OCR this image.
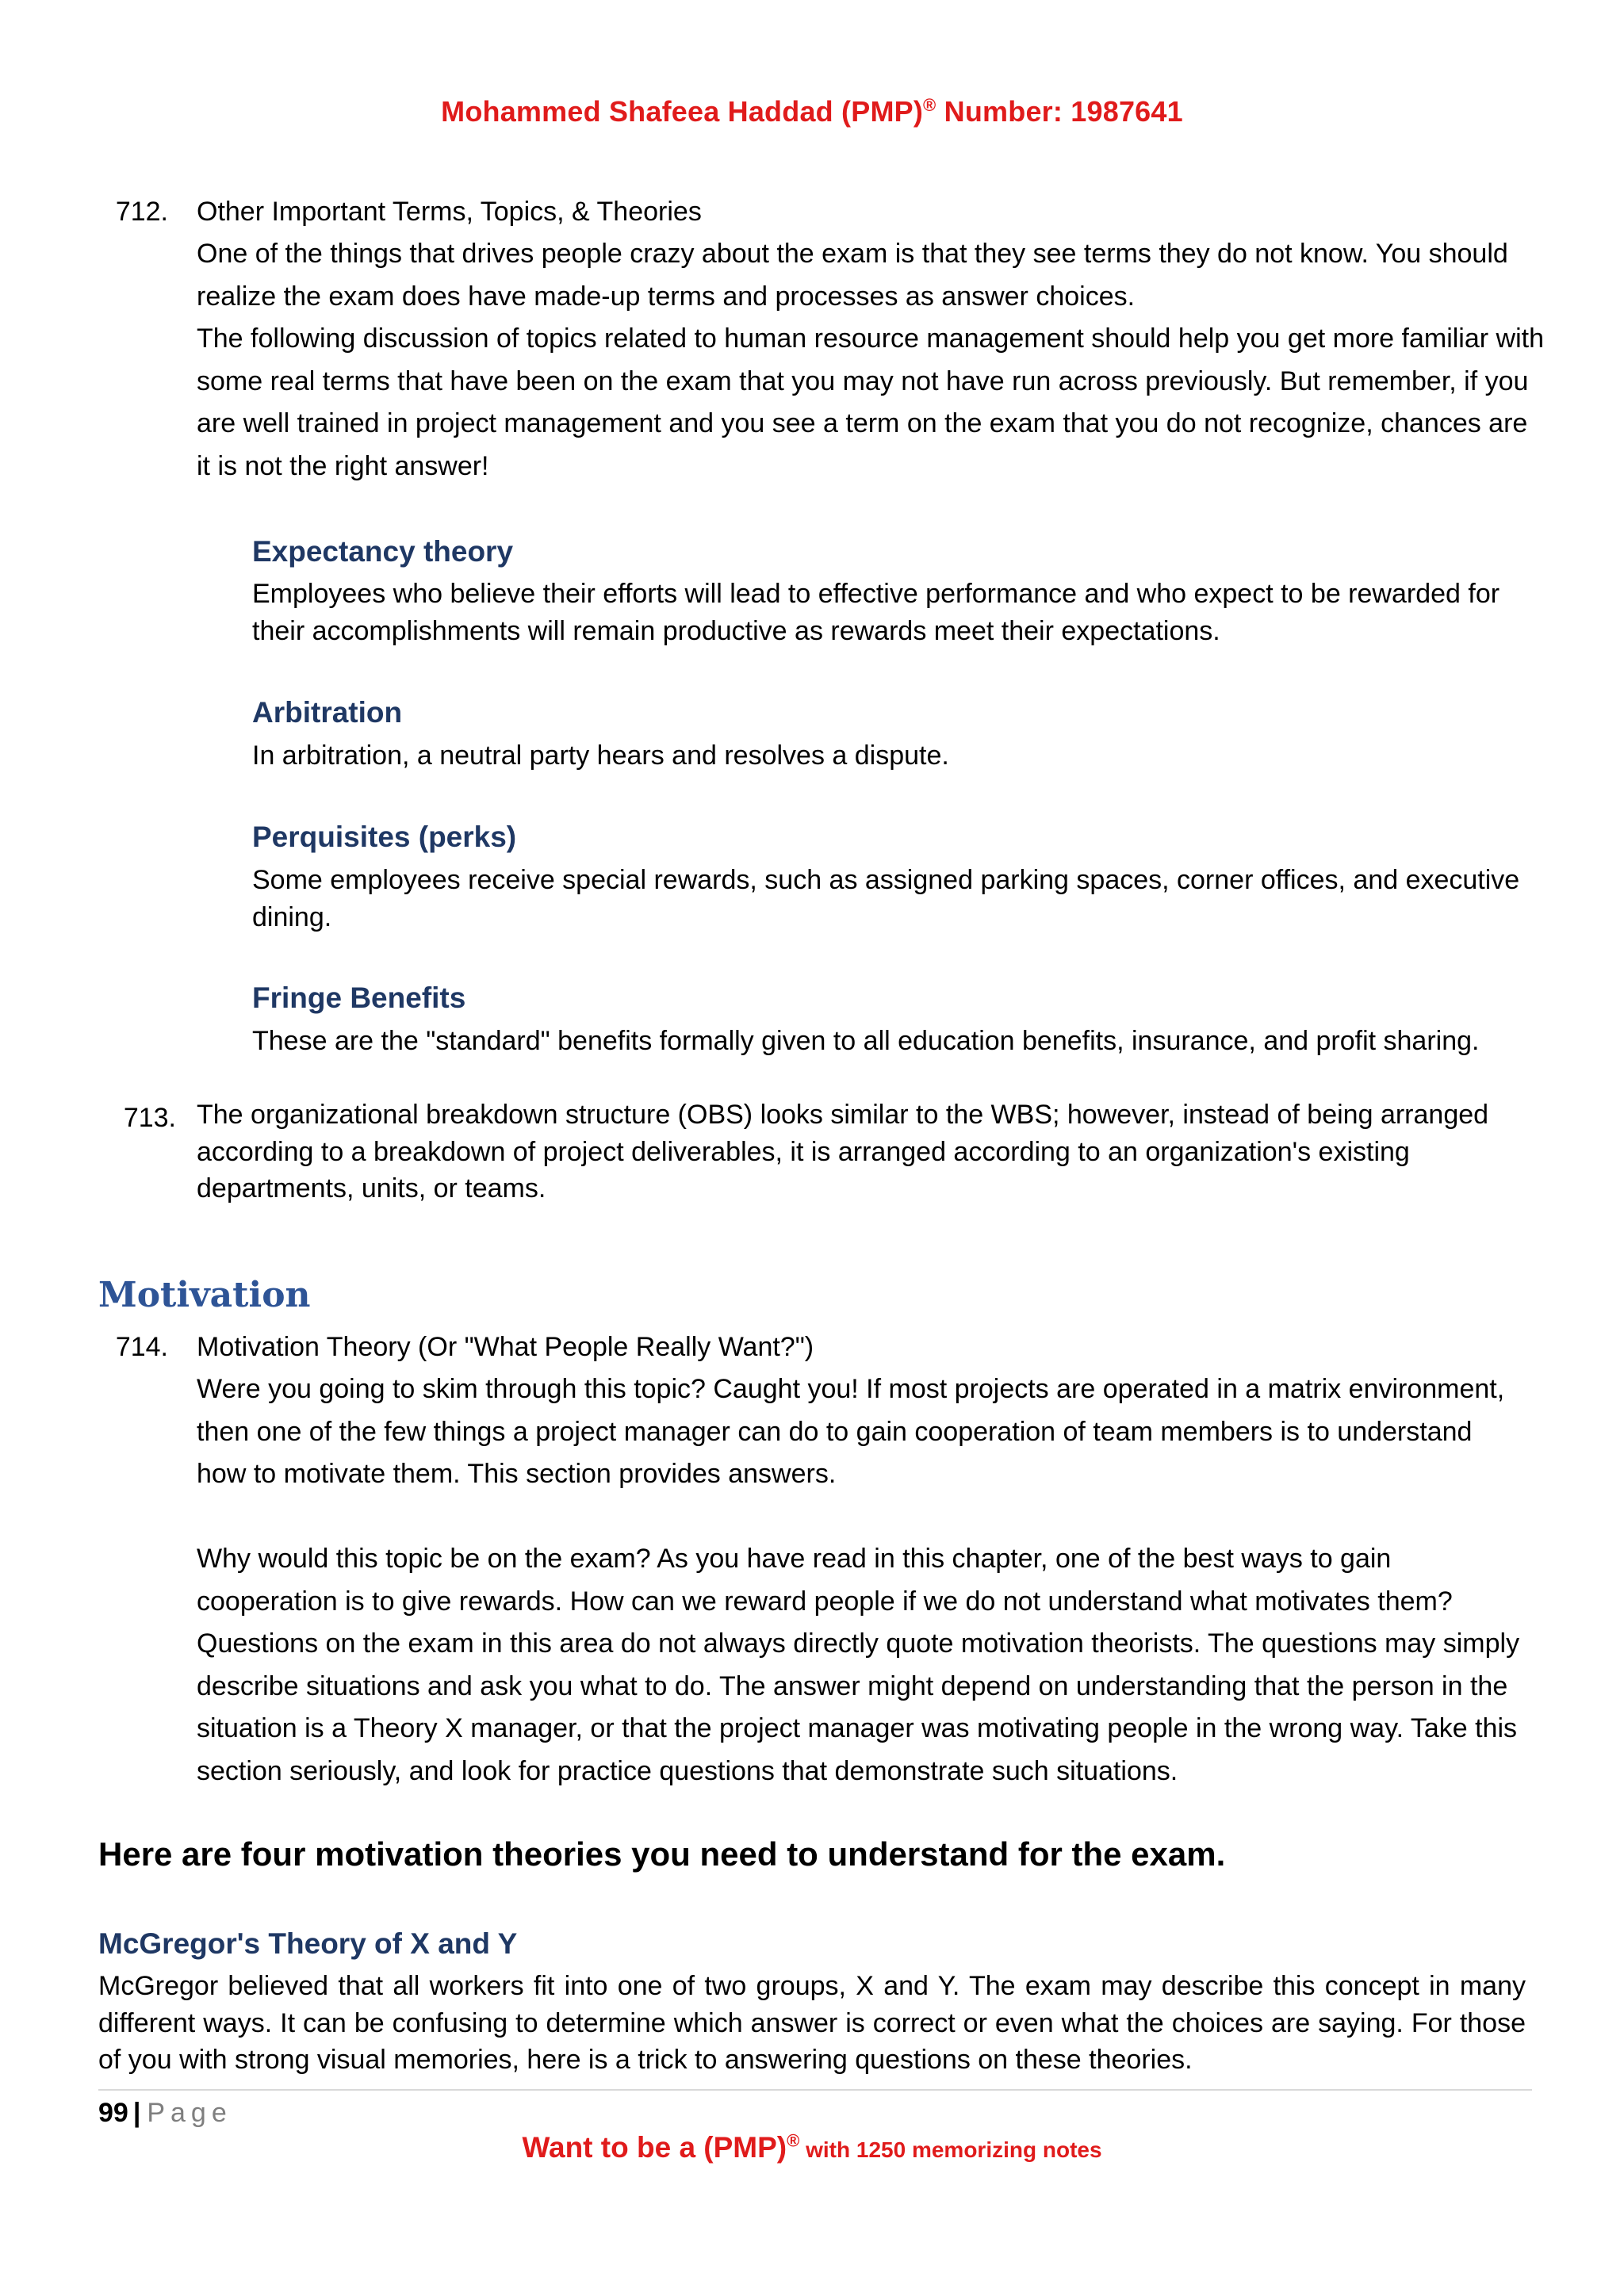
Mohammed Shafeea Haddad (PMP)® Number: 1987641
712. Other Important Terms, Topics, & Theories
One of the things that drives people crazy about the exam is that they see terms they do not know. You should realize the exam does have made-up terms and processes as answer choices.
The following discussion of topics related to human resource management should help you get more familiar with some real terms that have been on the exam that you may not have run across previously. But remember, if you are well trained in project management and you see a term on the exam that you do not recognize, chances are it is not the right answer!
Expectancy theory
Employees who believe their efforts will lead to effective performance and who expect to be rewarded for their accomplishments will remain productive as rewards meet their expectations.
Arbitration
In arbitration, a neutral party hears and resolves a dispute.
Perquisites (perks)
Some employees receive special rewards, such as assigned parking spaces, corner offices, and executive dining.
Fringe Benefits
These are the "standard" benefits formally given to all education benefits, insurance, and profit sharing.
713. The organizational breakdown structure (OBS) looks similar to the WBS; however, instead of being arranged according to a breakdown of project deliverables, it is arranged according to an organization's existing departments, units, or teams.
Motivation
714. Motivation Theory (Or "What People Really Want?")
Were you going to skim through this topic? Caught you! If most projects are operated in a matrix environment, then one of the few things a project manager can do to gain cooperation of team members is to understand how to motivate them. This section provides answers.
Why would this topic be on the exam? As you have read in this chapter, one of the best ways to gain cooperation is to give rewards. How can we reward people if we do not understand what motivates them? Questions on the exam in this area do not always directly quote motivation theorists. The questions may simply describe situations and ask you what to do. The answer might depend on understanding that the person in the situation is a Theory X manager, or that the project manager was motivating people in the wrong way. Take this section seriously, and look for practice questions that demonstrate such situations.
Here are four motivation theories you need to understand for the exam.
McGregor's Theory of X and Y
McGregor believed that all workers fit into one of two groups, X and Y. The exam may describe this concept in many different ways. It can be confusing to determine which answer is correct or even what the choices are saying. For those of you with strong visual memories, here is a trick to answering questions on these theories.
99 | Page
Want to be a (PMP)® with 1250 memorizing notes
